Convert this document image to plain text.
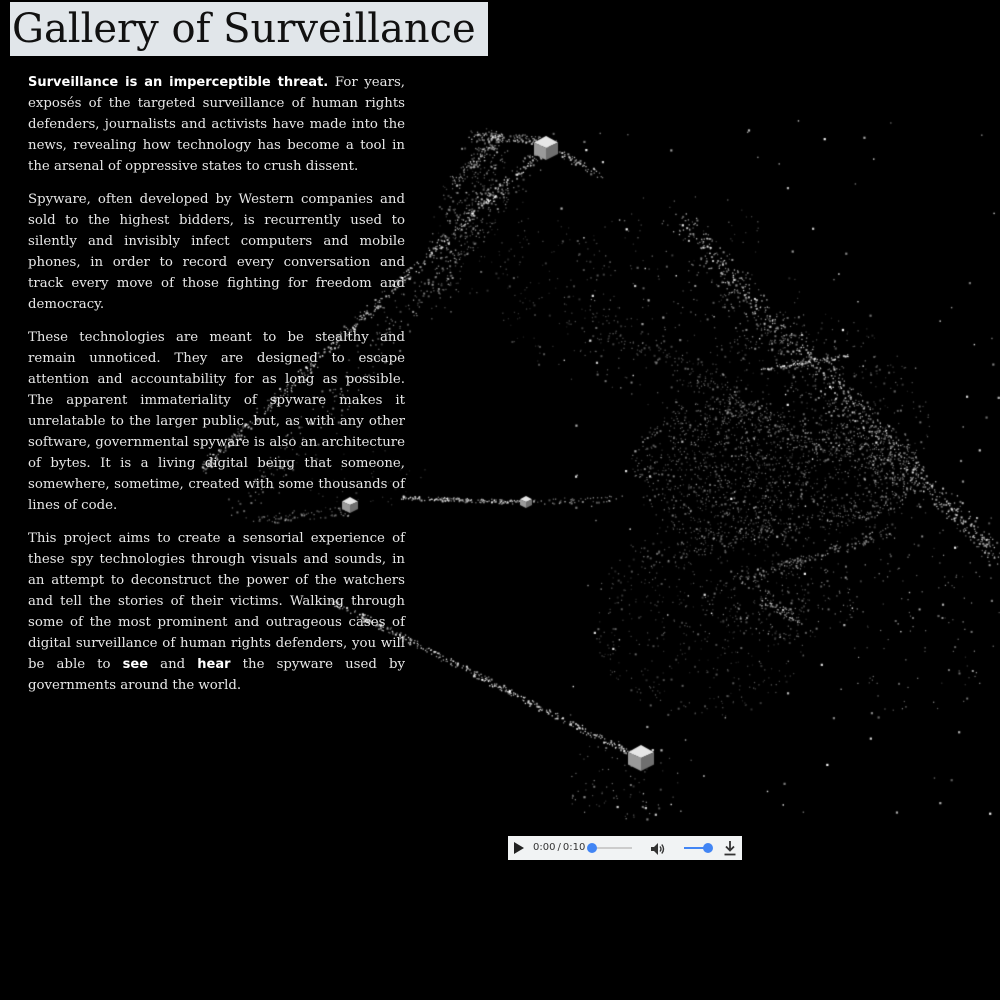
Gallery of Surveillance

Surveillance is an imperceptible threat. For years, exposés of the targeted surveillance of human rights defenders, journalists and activists have made into the news, revealing how technology has become a tool in the arsenal of oppressive states to crush dissent.

Spyware, often developed by Western companies and sold to the highest bidders, is recurrently used to silently and invisibly infect computers and mobile phones, in order to record every conversation and track every move of those fighting for freedom and democracy.

These technologies are meant to be stealthy and remain unnoticed. They are designed to escape attention and accountability for as long as possible. The apparent immateriality of spyware makes it unrelatable to the larger public, but, as with any other software, governmental spyware is also an architecture of bytes. It is a living digital being that someone, somewhere, sometime, created with some thousands of lines of code.

This project aims to create a sensorial experience of these spy technologies through visuals and sounds, in an attempt to deconstruct the power of the watchers and tell the stories of their victims. Walking through some of the most prominent and outrageous cases of digital surveillance of human rights defenders, you will be able to see and hear the spyware used by governments around the world.

0:00 / 0:10
